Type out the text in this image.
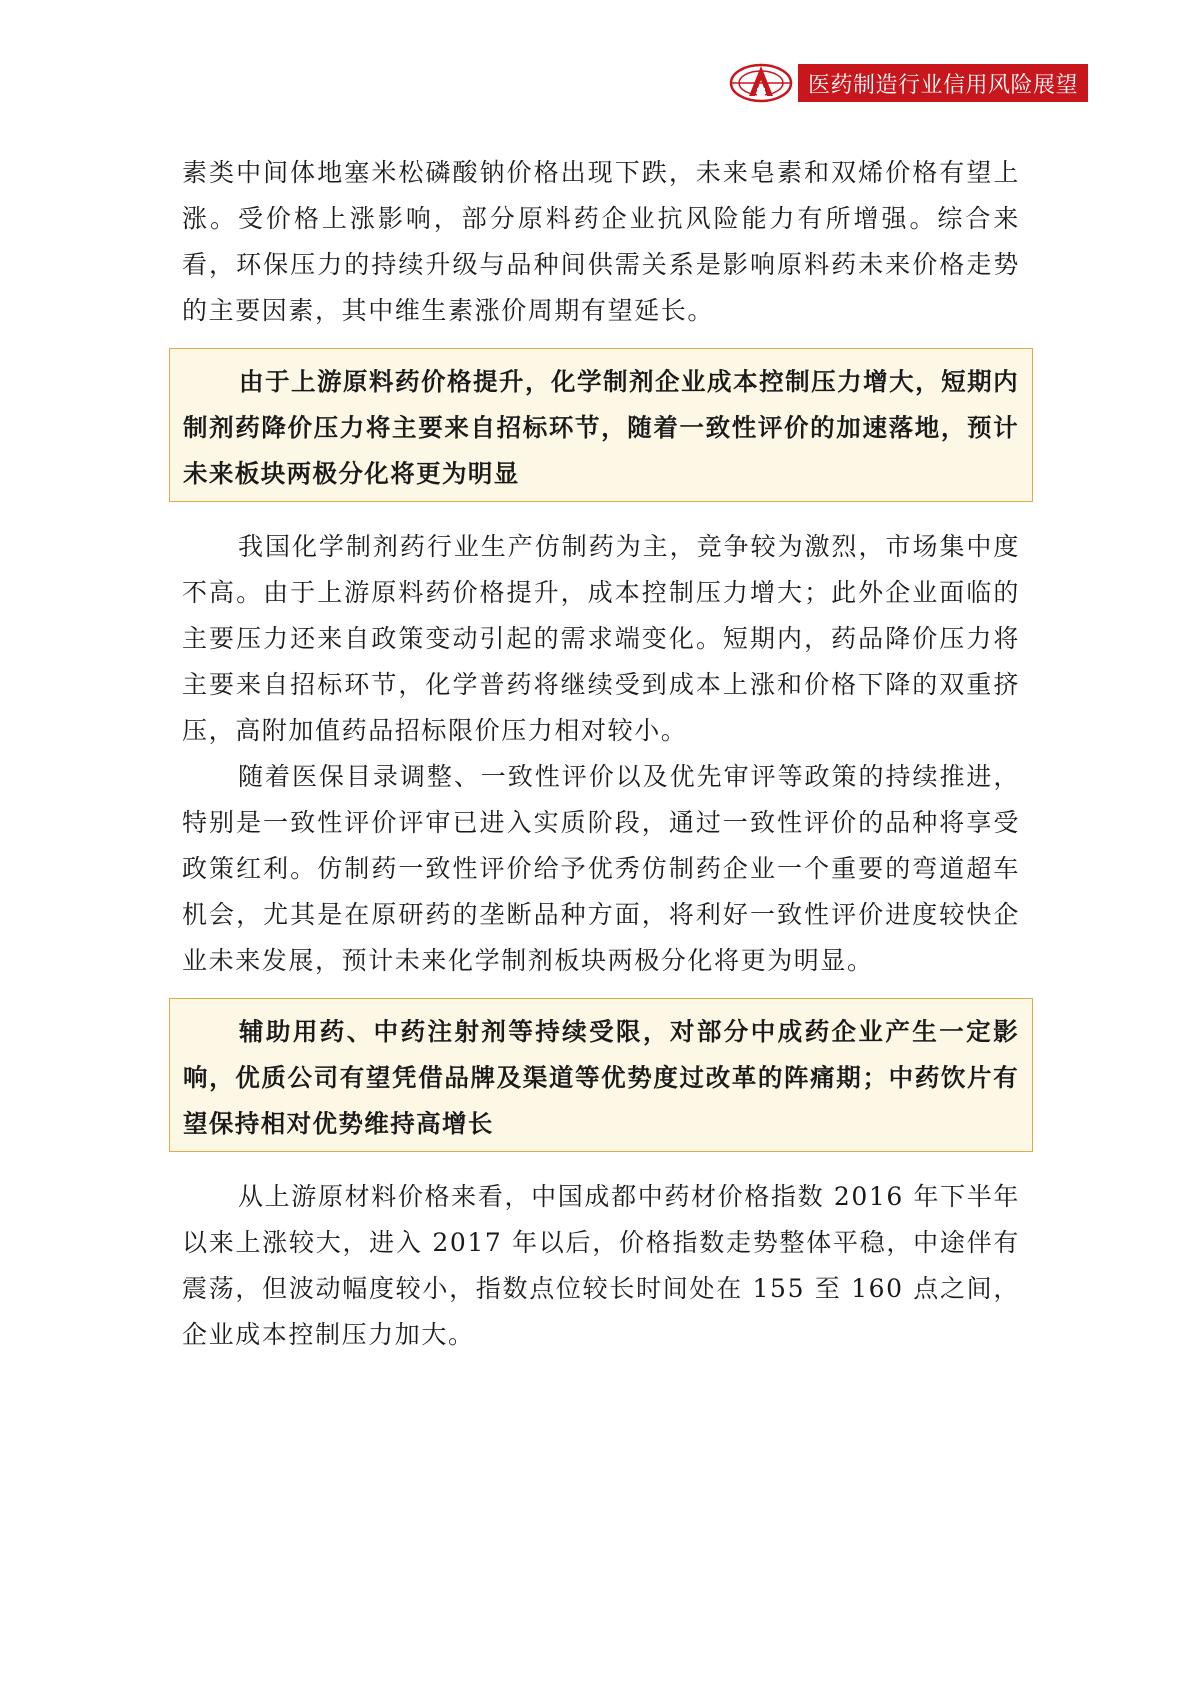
医药制造行业信用风险展望

素类中间体地塞米松磷酸钠价格出现下跌，未来皂素和双烯价格有望上涨。受价格上涨影响，部分原料药企业抗风险能力有所增强。综合来看，环保压力的持续升级与品种间供需关系是影响原料药未来价格走势的主要因素，其中维生素涨价周期有望延长。

由于上游原料药价格提升，化学制剂企业成本控制压力增大，短期内制剂药降价压力将主要来自招标环节，随着一致性评价的加速落地，预计未来板块两极分化将更为明显

我国化学制剂药行业生产仿制药为主，竞争较为激烈，市场集中度不高。由于上游原料药价格提升，成本控制压力增大；此外企业面临的主要压力还来自政策变动引起的需求端变化。短期内，药品降价压力将主要来自招标环节，化学普药将继续受到成本上涨和价格下降的双重挤压，高附加值药品招标限价压力相对较小。

随着医保目录调整、一致性评价以及优先审评等政策的持续推进，特别是一致性评价评审已进入实质阶段，通过一致性评价的品种将享受政策红利。仿制药一致性评价给予优秀仿制药企业一个重要的弯道超车机会，尤其是在原研药的垄断品种方面，将利好一致性评价进度较快企业未来发展，预计未来化学制剂板块两极分化将更为明显。

辅助用药、中药注射剂等持续受限，对部分中成药企业产生一定影响，优质公司有望凭借品牌及渠道等优势度过改革的阵痛期；中药饮片有望保持相对优势维持高增长

从上游原材料价格来看，中国成都中药材价格指数 2016 年下半年以来上涨较大，进入 2017 年以后，价格指数走势整体平稳，中途伴有震荡，但波动幅度较小，指数点位较长时间处在 155 至 160 点之间，企业成本控制压力加大。
